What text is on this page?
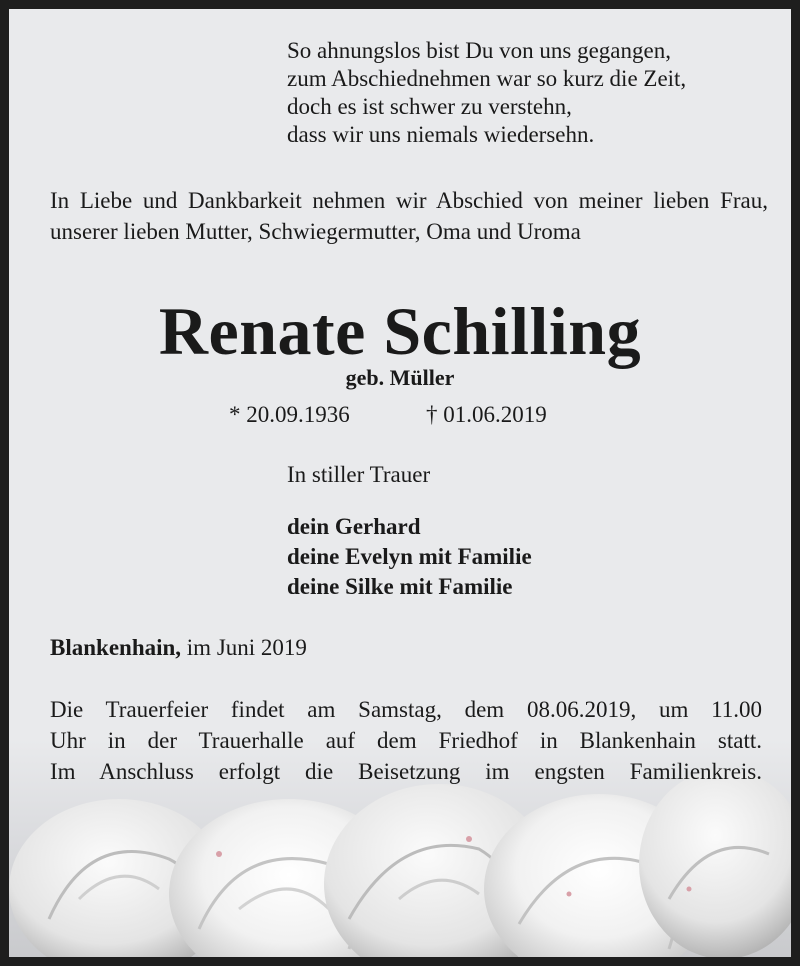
So ahnungslos bist Du von uns gegangen,
zum Abschiednehmen war so kurz die Zeit,
doch es ist schwer zu verstehn,
dass wir uns niemals wiedersehn.
In Liebe und Dankbarkeit nehmen wir Abschied von meiner lieben Frau, unserer lieben Mutter, Schwiegermutter, Oma und Uroma
Renate Schilling
geb. Müller
* 20.09.1936	† 01.06.2019
In stiller Trauer
dein Gerhard
deine Evelyn mit Familie
deine Silke mit Familie
Blankenhain, im Juni 2019
Die Trauerfeier findet am Samstag, dem 08.06.2019, um 11.00
Uhr in der Trauerhalle auf dem Friedhof in Blankenhain statt.
Im Anschluss erfolgt die Beisetzung im engsten Familienkreis.
